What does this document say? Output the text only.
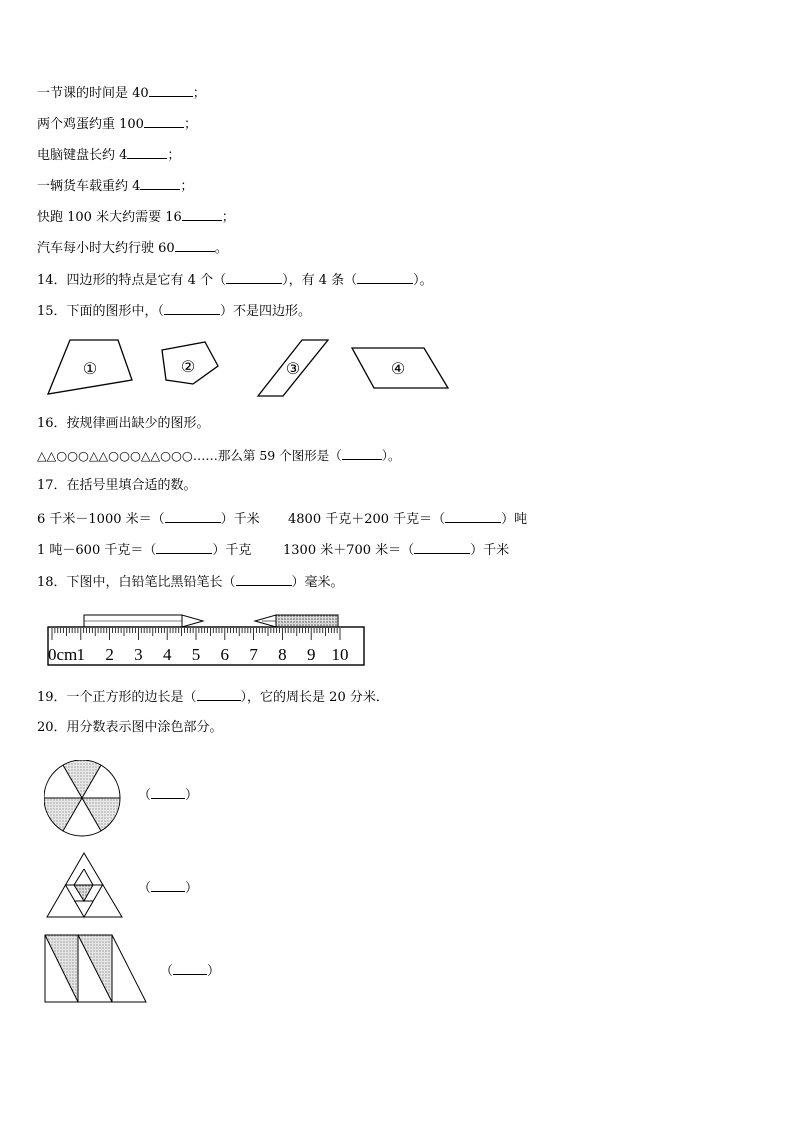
一节课的时间是 40	；
两个鸡蛋约重 100	；
电脑键盘长约 4	；
一辆货车载重约 4	；
快跑 100 米大约需要 16	；
汽车每小时大约行驶 60	。
14．四边形的特点是它有 4 个（	），有 4 条（	）。
15．下面的图形中，（	）不是四边形。
①	②	③	④
16．按规律画出缺少的图形。
△△○○○△△○○○△△○○○……那么第 59 个图形是（	）。
17．在括号里填合适的数。
6 千米－1000 米＝（	）千米 4800 千克＋200 千克＝（	）吨
1 吨－600 千克＝（	）千克 1300 米＋700 米＝（	）千米
18．下图中，白铅笔比黑铅笔长（	）毫米。
0cm 1 2 3 4 5 6 7 8 9 10
19．一个正方形的边长是（	），它的周长是 20 分米．
20．用分数表示图中涂色部分。
（	）
（	）
（	）
